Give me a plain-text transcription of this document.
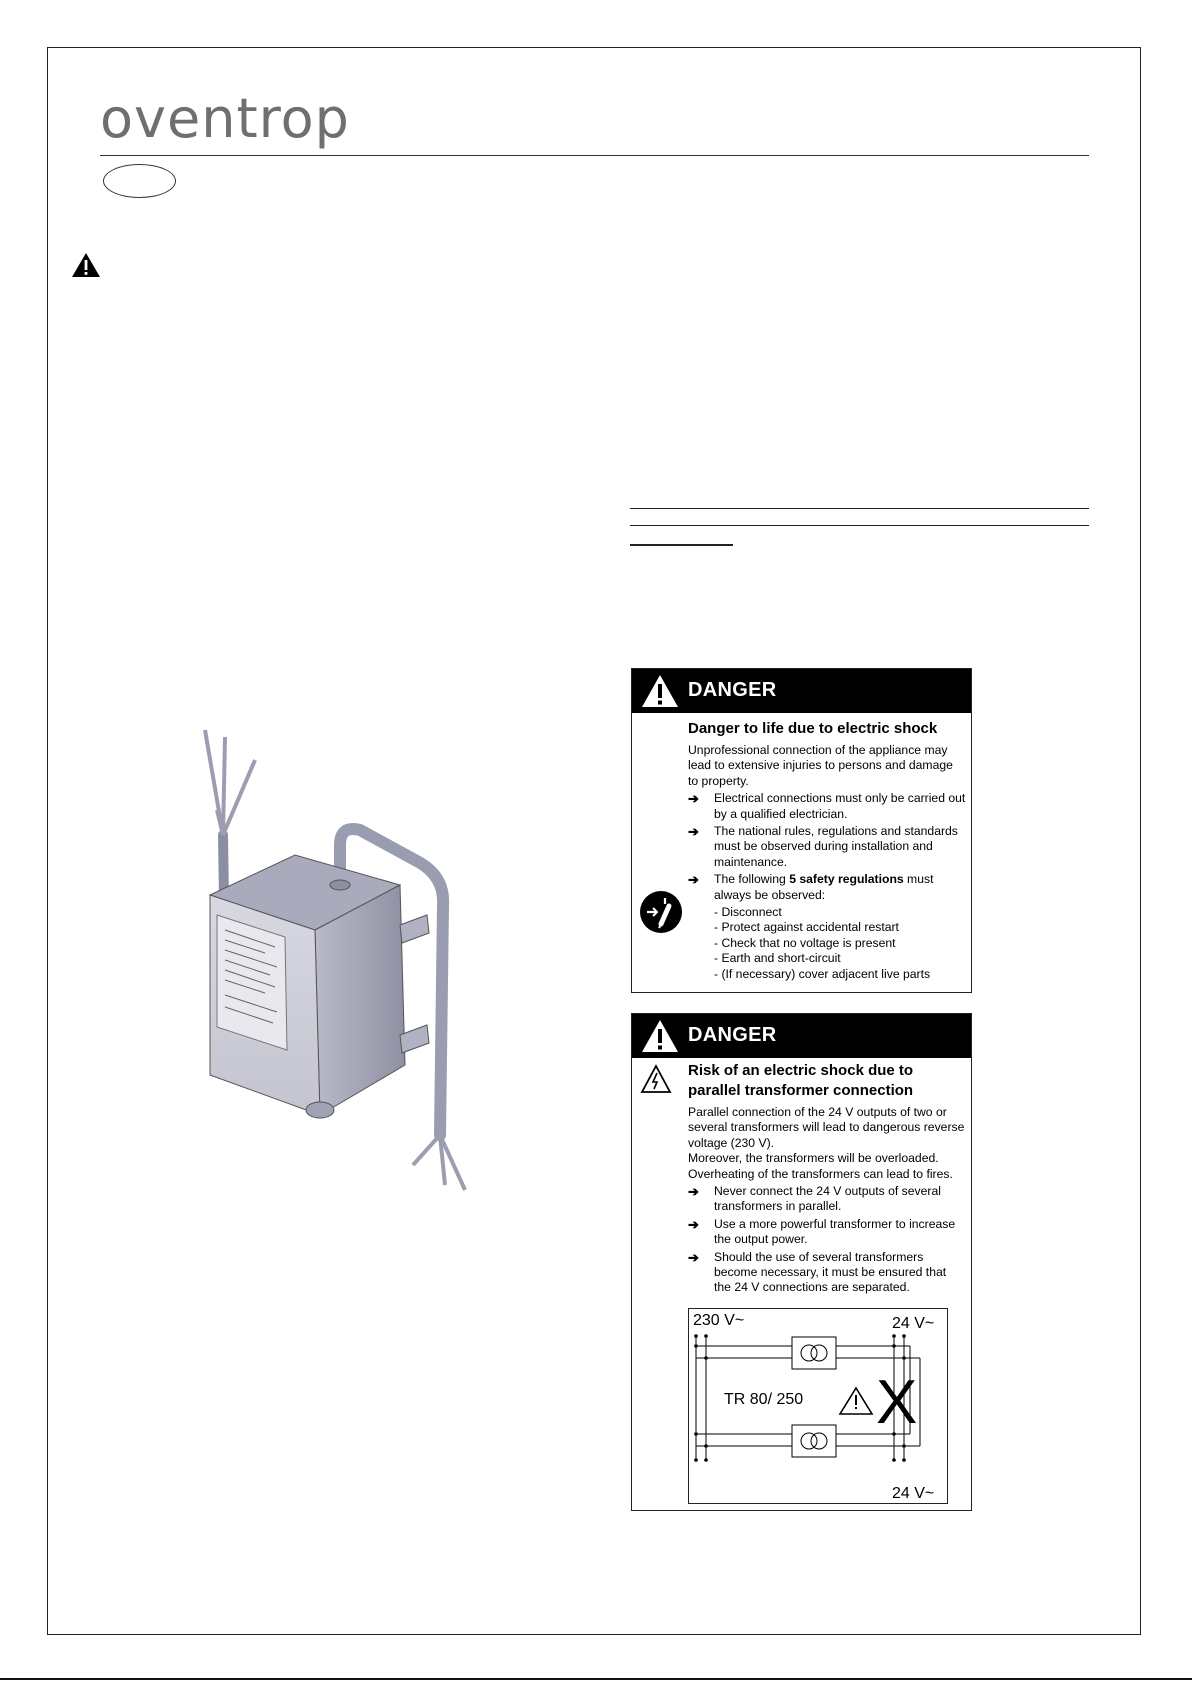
oventrop
DANGER
Danger to life due to electric shock

Unprofessional connection of the appliance may lead to extensive injuries to persons and damage to property.

➔ Electrical connections must only be carried out by a qualified electrician.
➔ The national rules, regulations and standards must be observed during installation and maintenance.
➔ The following 5 safety regulations must always be observed:
- Disconnect
- Protect against accidental restart
- Check that no voltage is present
- Earth and short-circuit
- (If necessary) cover adjacent live parts
DANGER
Risk of an electric shock due to parallel transformer connection

Parallel connection of the 24 V outputs of two or several transformers will lead to dangerous reverse voltage (230 V).

Moreover, the transformers will be overloaded.

Overheating of the transformers can lead to fires.

➔ Never connect the 24 V outputs of several transformers in parallel.
➔ Use a more powerful transformer to increase the output power.
➔ Should the use of several transformers become necessary, it must be ensured that the 24 V connections are separated.
230 V~	24 V~
24 V~
TR 80/ 250 X
